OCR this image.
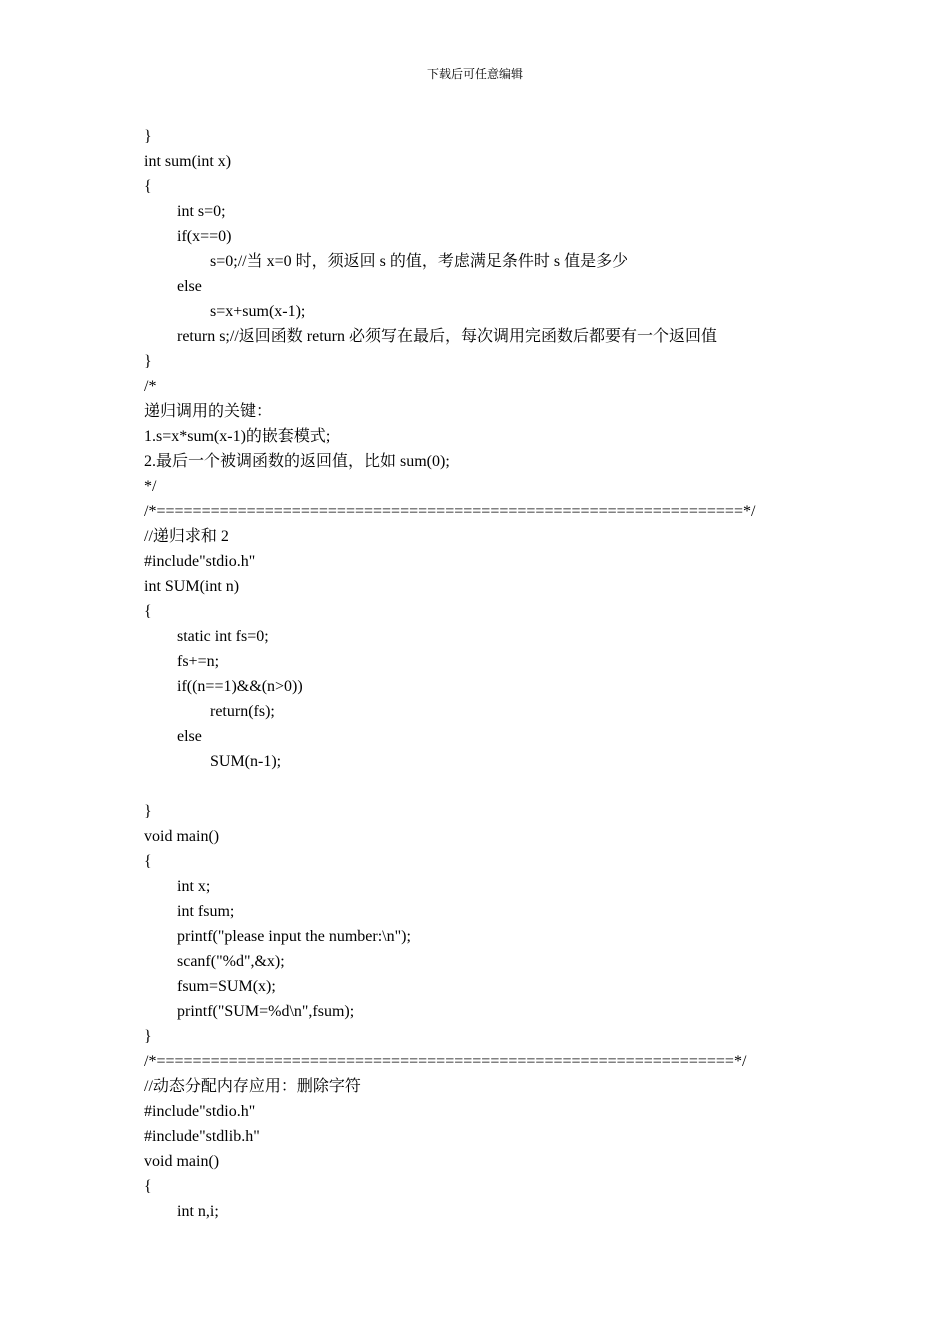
下载后可任意编辑
}
int sum(int x)
{
int s=0;
if(x==0)
s=0;//当 x=0 时，须返回 s 的值，考虑满足条件时 s 值是多少
else
s=x+sum(x-1);
return s;//返回函数 return 必须写在最后，每次调用完函数后都要有一个返回值
}
/*
递归调用的关键：
1.s=x*sum(x-1)的嵌套模式;
2.最后一个被调函数的返回值，比如 sum(0);
*/
/*=================================================================*/
//递归求和 2
#include"stdio.h"
int SUM(int n)
{
static int fs=0;
fs+=n;
if((n==1)&&(n>0))
return(fs);
else
SUM(n-1);
}
void main()
{
int x;
int fsum;
printf("please input the number:\n");
scanf("%d",&x);
fsum=SUM(x);
printf("SUM=%d\n",fsum);
}
/*================================================================*/
//动态分配内存应用：删除字符
#include"stdio.h"
#include"stdlib.h"
void main()
{
int n,i;
